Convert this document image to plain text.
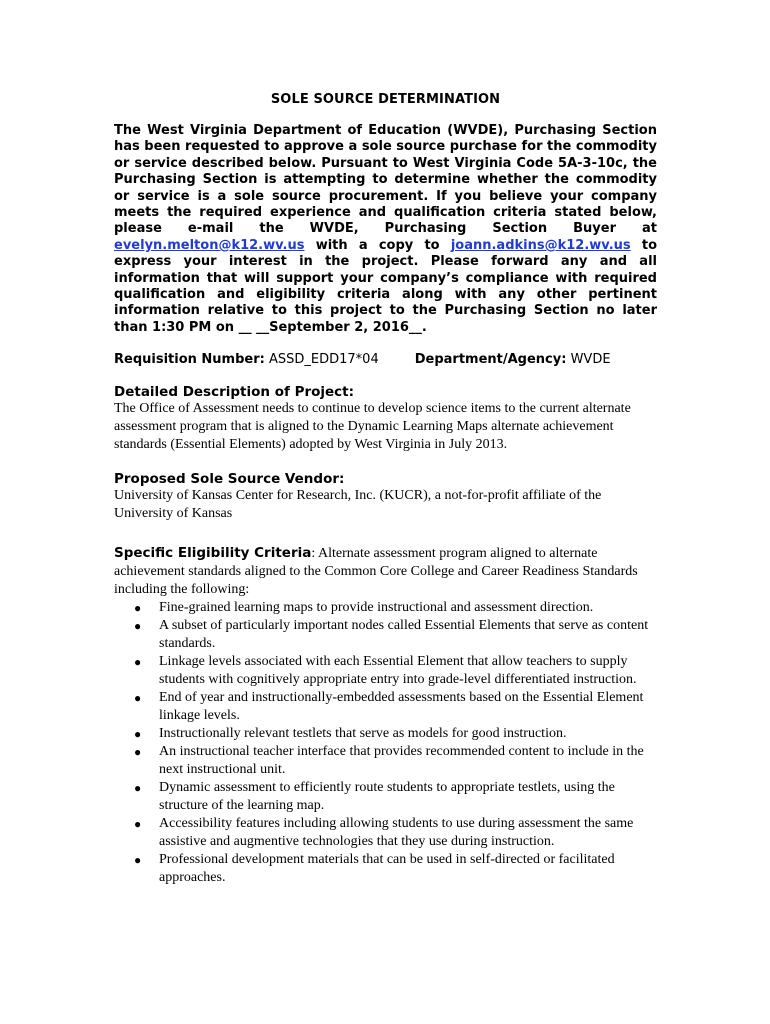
SOLE SOURCE DETERMINATION

The West Virginia Department of Education (WVDE), Purchasing Section has been requested to approve a sole source purchase for the commodity or service described below. Pursuant to West Virginia Code 5A-3-10c, the Purchasing Section is attempting to determine whether the commodity or service is a sole source procurement. If you believe your company meets the required experience and qualification criteria stated below, please e-mail the WVDE, Purchasing Section Buyer at evelyn.melton@k12.wv.us with a copy to joann.adkins@k12.wv.us to express your interest in the project. Please forward any and all information that will support your company’s compliance with required qualification and eligibility criteria along with any other pertinent information relative to this project to the Purchasing Section no later than 1:30 PM on __ __September 2, 2016__.

Requisition Number: ASSD_EDD17*04	Department/Agency: WVDE

Detailed Description of Project:

The Office of Assessment needs to continue to develop science items to the current alternate assessment program that is aligned to the Dynamic Learning Maps alternate achievement standards (Essential Elements) adopted by West Virginia in July 2013.

Proposed Sole Source Vendor:

University of Kansas Center for Research, Inc. (KUCR), a not-for-profit affiliate of the University of Kansas

Specific Eligibility Criteria: Alternate assessment program aligned to alternate achievement standards aligned to the Common Core College and Career Readiness Standards including the following:

● Fine-grained learning maps to provide instructional and assessment direction.
● A subset of particularly important nodes called Essential Elements that serve as content standards.
● Linkage levels associated with each Essential Element that allow teachers to supply students with cognitively appropriate entry into grade-level differentiated instruction.
● End of year and instructionally-embedded assessments based on the Essential Element linkage levels.
● Instructionally relevant testlets that serve as models for good instruction.
● An instructional teacher interface that provides recommended content to include in the next instructional unit.
● Dynamic assessment to efficiently route students to appropriate testlets, using the structure of the learning map.
● Accessibility features including allowing students to use during assessment the same assistive and augmentive technologies that they use during instruction.
● Professional development materials that can be used in self-directed or facilitated approaches.
